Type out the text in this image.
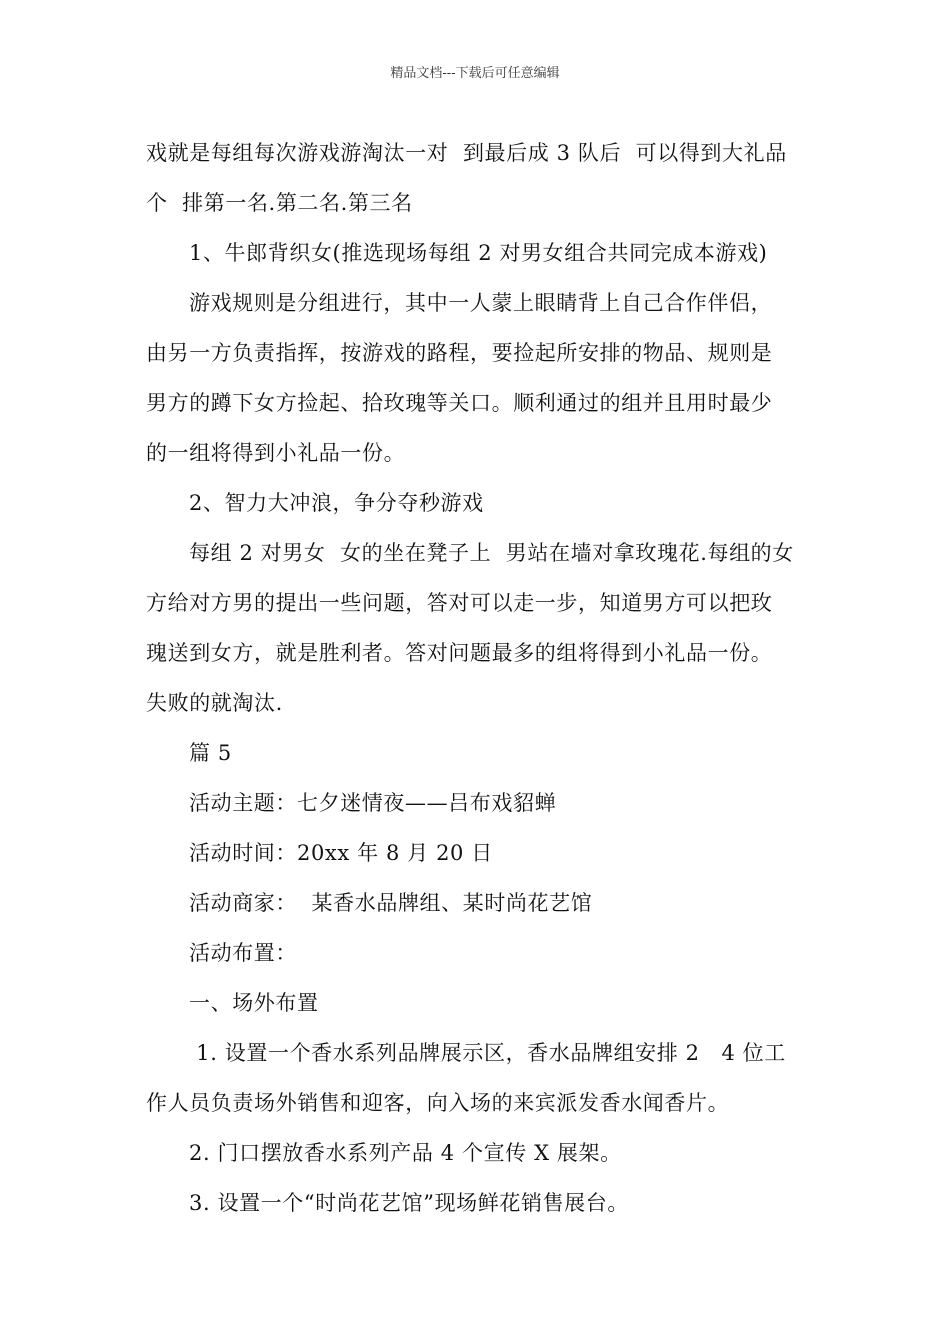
精品文档---下载后可任意编辑
戏就是每组每次游戏游淘汰一对  到最后成 3 队后  可以得到大礼品
个  排第一名.第二名.第三名
1、牛郎背织女(推选现场每组 2 对男女组合共同完成本游戏)
游戏规则是分组进行，其中一人蒙上眼睛背上自己合作伴侣，
由另一方负责指挥，按游戏的路程，要捡起所安排的物品、规则是
男方的蹲下女方捡起、拾玫瑰等关口。顺利通过的组并且用时最少
的一组将得到小礼品一份。
2、智力大冲浪，争分夺秒游戏
每组 2 对男女  女的坐在凳子上  男站在墙对拿玫瑰花.每组的女
方给对方男的提出一些问题，答对可以走一步，知道男方可以把玫
瑰送到女方，就是胜利者。答对问题最多的组将得到小礼品一份。
失败的就淘汰.
篇 5
活动主题：七夕迷情夜——吕布戏貂蝉
活动时间：20xx 年 8 月 20 日
活动商家：  某香水品牌组、某时尚花艺馆
活动布置：
一、场外布置
1. 设置一个香水系列品牌展示区，香水品牌组安排 2   4 位工
作人员负责场外销售和迎客，向入场的来宾派发香水闻香片。
2. 门口摆放香水系列产品 4 个宣传 X 展架。
3. 设置一个“时尚花艺馆”现场鲜花销售展台。
